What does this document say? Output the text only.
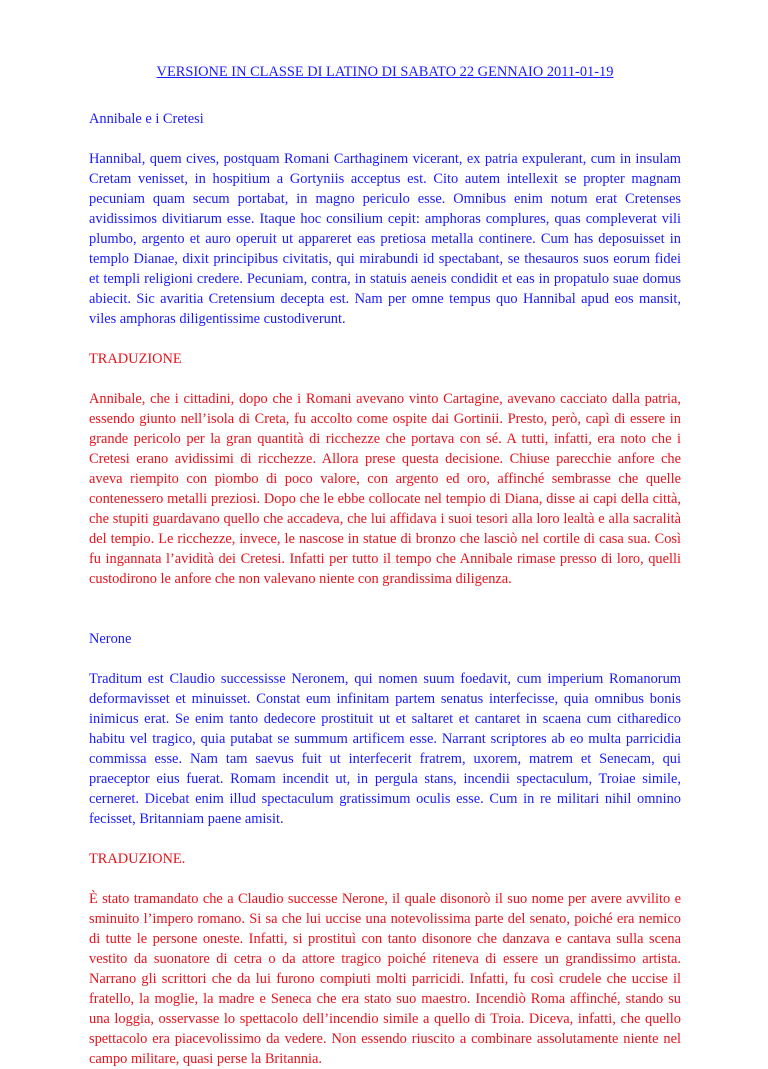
VERSIONE IN CLASSE DI LATINO DI SABATO 22 GENNAIO 2011-01-19

Annibale e i Cretesi

Hannibal, quem cives, postquam Romani Carthaginem vicerant, ex patria expulerant, cum in insulam Cretam venisset, in hospitium a Gortyniis acceptus est. Cito autem intellexit se propter magnam pecuniam quam secum portabat, in magno periculo esse. Omnibus enim notum erat Cretenses avidissimos divitiarum esse. Itaque hoc consilium cepit: amphoras complures, quas compleverat vili plumbo, argento et auro operuit ut appareret eas pretiosa metalla continere. Cum has deposuisset in templo Dianae, dixit principibus civitatis, qui mirabundi id spectabant, se thesauros suos eorum fidei et templi religioni credere. Pecuniam, contra, in statuis aeneis condidit et eas in propatulo suae domus abiecit. Sic avaritia Cretensium decepta est. Nam per omne tempus quo Hannibal apud eos mansit, viles amphoras diligentissime custodiverunt.

TRADUZIONE

Annibale, che i cittadini, dopo che i Romani avevano vinto Cartagine, avevano cacciato dalla patria, essendo giunto nell’isola di Creta, fu accolto come ospite dai Gortinii. Presto, però, capì di essere in grande pericolo per la gran quantità di ricchezze che portava con sé. A tutti, infatti, era noto che i Cretesi erano avidissimi di ricchezze. Allora prese questa decisione. Chiuse parecchie anfore che aveva riempito con piombo di poco valore, con argento ed oro, affinché sembrasse che quelle contenessero metalli preziosi. Dopo che le ebbe collocate nel tempio di Diana, disse ai capi della città, che stupiti guardavano quello che accadeva, che lui affidava i suoi tesori alla loro lealtà e alla sacralità del tempio. Le ricchezze, invece, le nascose in statue di bronzo che lasciò nel cortile di casa sua. Così fu ingannata l’avidità dei Cretesi. Infatti per tutto il tempo che Annibale rimase presso di loro, quelli custodirono le anfore che non valevano niente con grandissima diligenza.

Nerone

Traditum est Claudio successisse Neronem, qui nomen suum foedavit, cum imperium Romanorum deformavisset et minuisset. Constat eum infinitam partem senatus interfecisse, quia omnibus bonis inimicus erat. Se enim tanto dedecore prostituit ut et saltaret et cantaret in scaena cum citharedico habitu vel tragico, quia putabat se summum artificem esse. Narrant scriptores ab eo multa parricidia commissa esse. Nam tam saevus fuit ut interfecerit fratrem, uxorem, matrem et Senecam, qui praeceptor eius fuerat. Romam incendit ut, in pergula stans, incendii spectaculum, Troiae simile, cerneret. Dicebat enim illud spectaculum gratissimum oculis esse. Cum in re militari nihil omnino fecisset, Britanniam paene amisit.

TRADUZIONE.

È stato tramandato che a Claudio successe Nerone, il quale disonorò il suo nome per avere avvilito e sminuito l’impero romano. Si sa che lui uccise una notevolissima parte del senato, poiché era nemico di tutte le persone oneste. Infatti, si prostituì con tanto disonore che danzava e cantava sulla scena vestito da suonatore di cetra o da attore tragico poiché riteneva di essere un grandissimo artista. Narrano gli scrittori che da lui furono compiuti molti parricidi. Infatti, fu così crudele che uccise il fratello, la moglie, la madre e Seneca che era stato suo maestro. Incendiò Roma affinché, stando su una loggia, osservasse lo spettacolo dell’incendio simile a quello di Troia. Diceva, infatti, che quello spettacolo era piacevolissimo da vedere. Non essendo riuscito a combinare assolutamente niente nel campo militare, quasi perse la Britannia.
